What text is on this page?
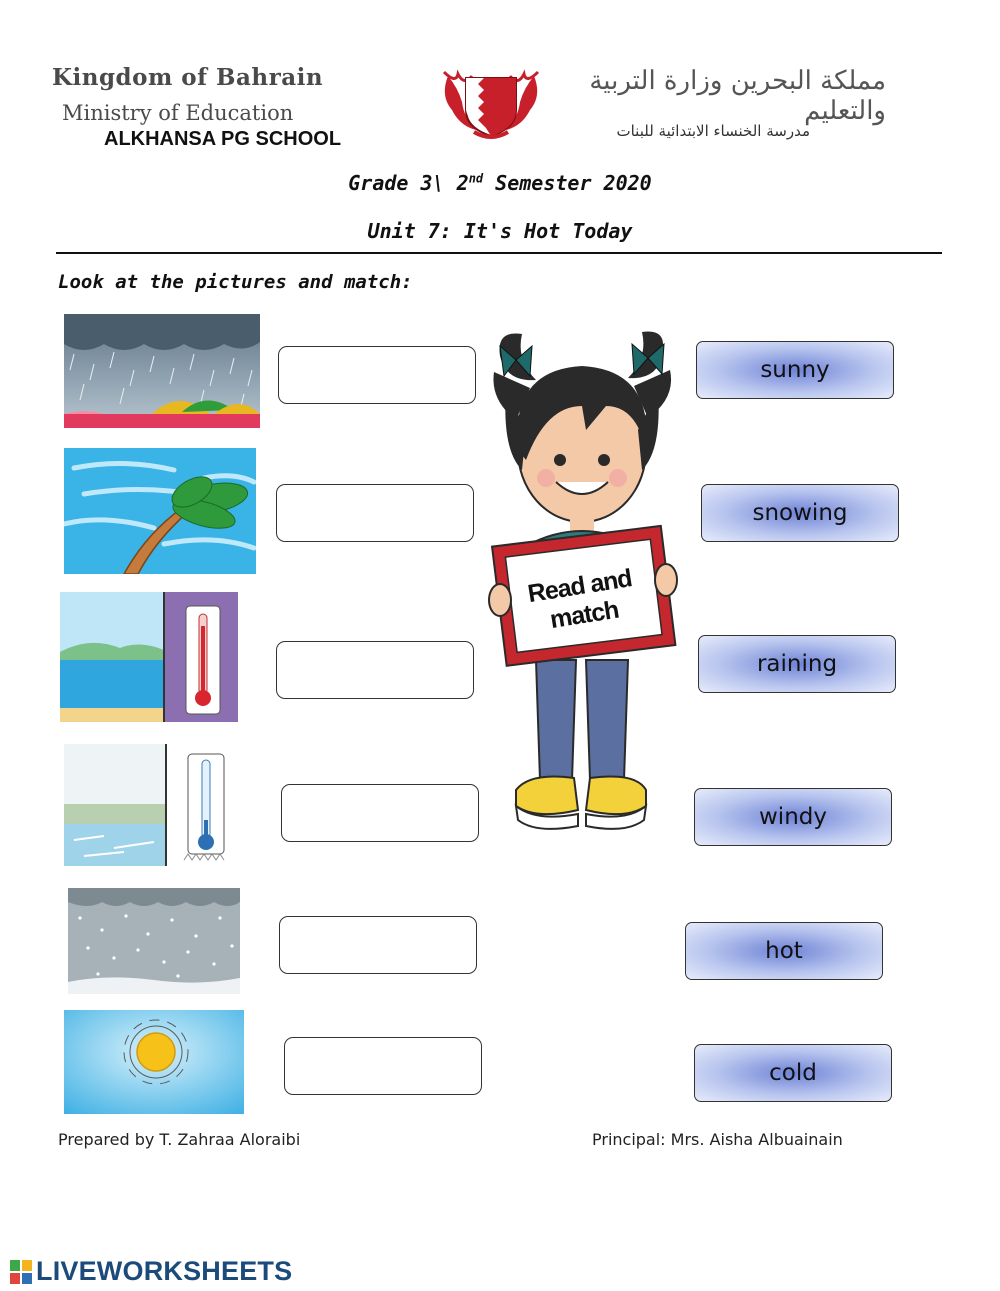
Kingdom of Bahrain
Ministry of Education
ALKHANSA PG SCHOOL
مملكة البحرين وزارة التربية والتعليم
مدرسة الخنساء الابتدائية للبنات
Grade 3\ 2nd Semester 2020
Unit 7: It's Hot Today
Look at the pictures and match:
Read and match
sunny
snowing
raining
windy
hot
cold
Prepared by T. Zahraa Aloraibi	Principal: Mrs. Aisha Albuainain
LIVEWORKSHEETS
